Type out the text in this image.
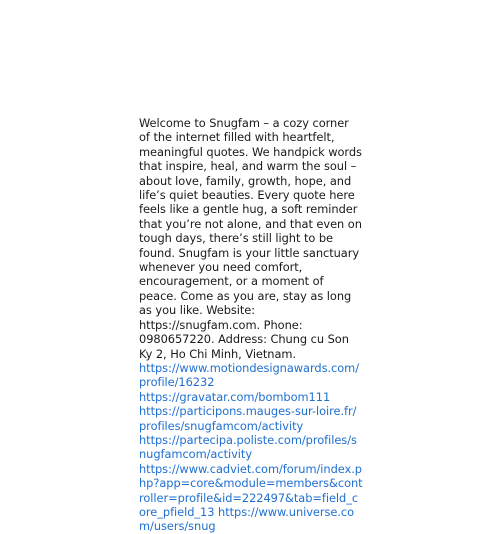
Welcome to Snugfam – a cozy corner of the internet filled with heartfelt, meaningful quotes. We handpick words that inspire, heal, and warm the soul – about love, family, growth, hope, and life’s quiet beauties. Every quote here feels like a gentle hug, a soft reminder that you’re not alone, and that even on tough days, there’s still light to be found. Snugfam is your little sanctuary whenever you need comfort, encouragement, or a moment of peace. Come as you are, stay as long as you like. Website: https://snugfam.com. Phone: 0980657220. Address: Chung cu Son Ky 2, Ho Chi Minh, Vietnam.

https://www.motiondesignawards.com/profile/16232
https://gravatar.com/bombom111
https://participons.mauges-sur-loire.fr/profiles/snugfamcom/activity
https://partecipa.poliste.com/profiles/snugfamcom/activity
https://www.cadviet.com/forum/index.php?app=core&module=members&controller=profile&id=222497&tab=field_core_pfield_13 https://www.universe.com/users/snug
